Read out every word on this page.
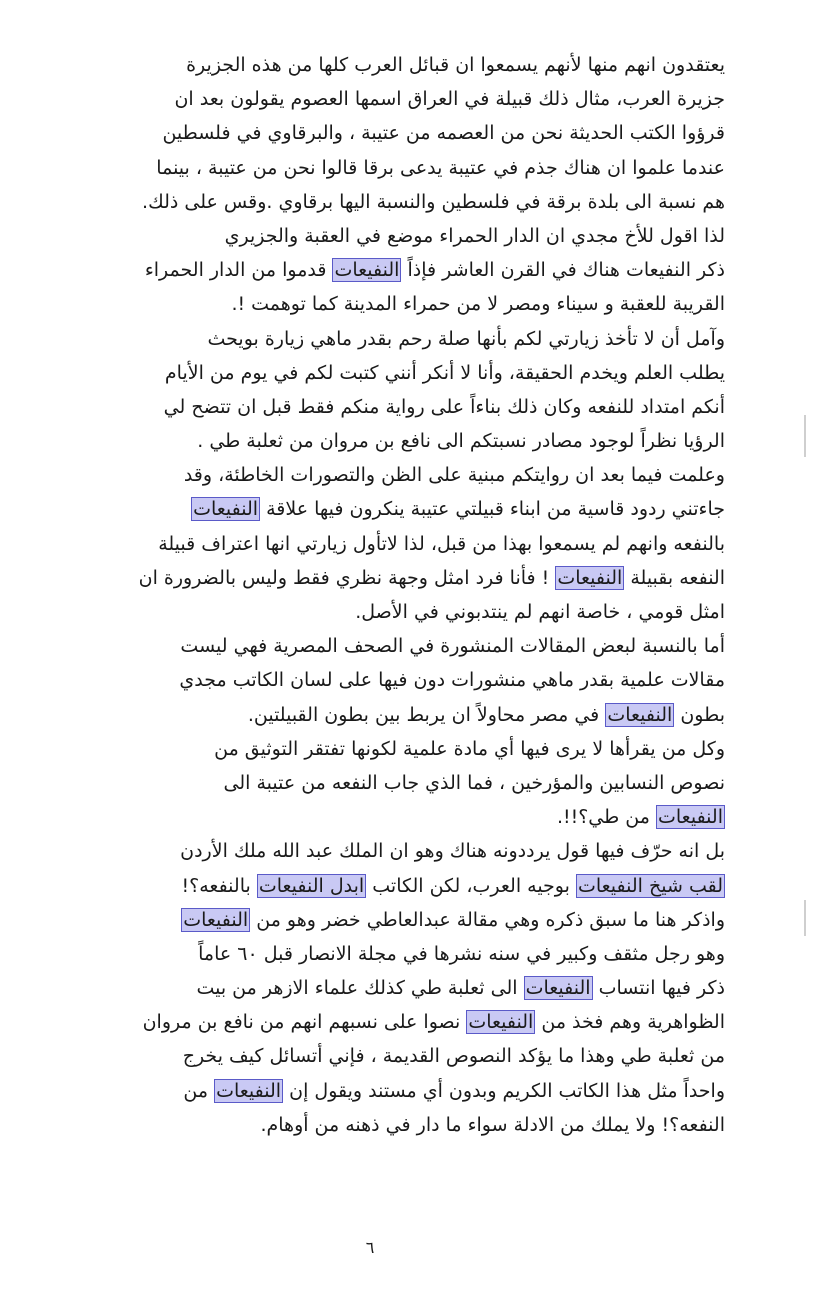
يعتقدون انهم منها لأنهم يسمعوا ان قبائل العرب كلها من هذه الجزيرة
جزيرة العرب، مثال ذلك قبيلة في العراق اسمها العصوم يقولون بعد ان
قرؤوا الكتب الحديثة نحن من العصمه من عتيبة ، والبرقاوي في فلسطين
عندما علموا ان هناك جذم في عتيبة يدعى برقا قالوا نحن من عتيبة ، بينما
هم نسبة الى بلدة برقة في فلسطين والنسبة اليها برقاوي .وقس على ذلك.
لذا اقول للأخ مجدي ان الدار الحمراء موضع في العقبة والجزيري
ذكر النفيعات هناك في القرن العاشر فإذاً النفيعات قدموا من الدار الحمراء
القريبة للعقبة و سيناء ومصر لا من حمراء المدينة كما توهمت !.
وآمل أن لا تأخذ زيارتي لكم بأنها صلة رحم بقدر ماهي زيارة بويحث
يطلب العلم ويخدم الحقيقة، وأنا لا أنكر أنني كتبت لكم في يوم من الأيام
أنكم امتداد للنفعه وكان ذلك بناءاً على رواية منكم فقط قبل ان تتضح لي
الرؤيا نظراً لوجود مصادر نسبتكم الى نافع بن مروان من ثعلبة طي .
وعلمت فيما بعد ان روايتكم مبنية على الظن والتصورات الخاطئة، وقد
جاءتني ردود قاسية من ابناء قبيلتي عتيبة ينكرون فيها علاقة النفيعات
بالنفعه وانهم لم يسمعوا بهذا من قبل، لذا لاتأول زيارتي انها اعتراف قبيلة
النفعه بقبيلة النفيعات ! فأنا فرد امثل وجهة نظري فقط وليس بالضرورة ان
امثل قومي ، خاصة انهم لم ينتدبوني في الأصل.
أما بالنسبة لبعض المقالات المنشورة في الصحف المصرية فهي ليست
مقالات علمية بقدر ماهي منشورات دون فيها على لسان الكاتب مجدي
بطون النفيعات في مصر محاولاً ان يربط بين بطون القبيلتين.
وكل من يقرأها لا يرى فيها أي مادة علمية لكونها تفتقر التوثيق من
نصوص النسابين والمؤرخين ، فما الذي جاب النفعه من عتيبة الى
النفيعات من طي؟!!.
بل انه حرّف فيها قول يرددونه هناك وهو ان الملك عبد الله ملك الأردن
لقب شيخ النفيعات بوجيه العرب، لكن الكاتب ابدل النفيعات بالنفعه؟!
واذكر هنا ما سبق ذكره وهي مقالة عبدالعاطي خضر وهو من النفيعات
وهو رجل مثقف وكبير في سنه نشرها في مجلة الانصار قبل ٦٠ عاماً
ذكر فيها انتساب النفيعات الى ثعلبة طي كذلك علماء الازهر من بيت
الظواهرية وهم فخذ من النفيعات نصوا على نسبهم انهم من نافع بن مروان
من ثعلبة طي وهذا ما يؤكد النصوص القديمة ، فإني أتسائل كيف يخرج
واحداً مثل هذا الكاتب الكريم وبدون أي مستند ويقول إن النفيعات من
النفعه؟! ولا يملك من الادلة سواء ما دار في ذهنه من أوهام.
٦
